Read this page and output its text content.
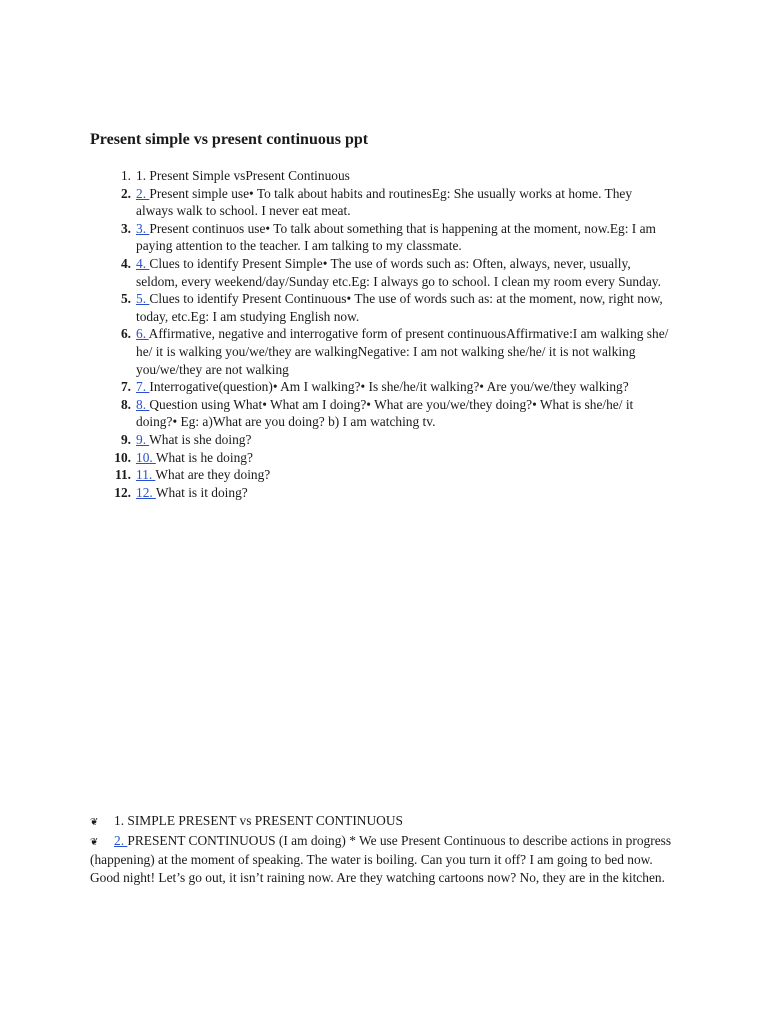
Present simple vs present continuous ppt
1. 1. Present Simple vsPresent Continuous
2. 2. Present simple use• To talk about habits and routinesEg: She usually works at home. They always walk to school. I never eat meat.
3. 3. Present continuos use• To talk about something that is happening at the moment, now.Eg: I am paying attention to the teacher. I am talking to my classmate.
4. 4. Clues to identify Present Simple• The use of words such as: Often, always, never, usually, seldom, every weekend/day/Sunday etc.Eg: I always go to school. I clean my room every Sunday.
5. 5. Clues to identify Present Continuous• The use of words such as: at the moment, now, right now, today, etc.Eg: I am studying English now.
6. 6. Affirmative, negative and interrogative form of present continuousAffirmative:I am walking she/ he/ it is walking you/we/they are walkingNegative: I am not walking she/he/ it is not walking you/we/they are not walking
7. 7. Interrogative(question)• Am I walking?• Is she/he/it walking?• Are you/we/they walking?
8. 8. Question using What• What am I doing?• What are you/we/they doing?• What is she/he/ it doing?• Eg: a)What are you doing? b) I am watching tv.
9. 9. What is she doing?
10. 10. What is he doing?
11. 11. What are they doing?
12. 12. What is it doing?

❦ 1. SIMPLE PRESENT vs PRESENT CONTINUOUS

❦ 2. PRESENT CONTINUOUS (I am doing) * We use Present Continuous to describe actions in progress (happening) at the moment of speaking. The water is boiling. Can you turn it off? I am going to bed now. Good night! Let’s go out, it isn’t raining now. Are they watching cartoons now? No, they are in the kitchen.
